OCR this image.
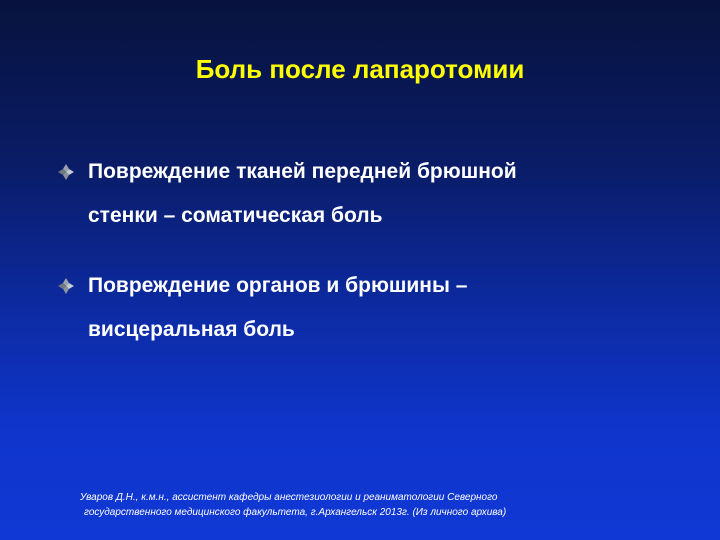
Боль после лапаротомии
Повреждение тканей передней брюшной
стенки – соматическая боль
Повреждение органов и брюшины –
висцеральная боль
Уваров Д.Н., к.м.н., ассистент кафедры анестезиологии и реаниматологии Северного
государственного медицинского факультета, г.Архангельск 2013г. (Из личного архива)
